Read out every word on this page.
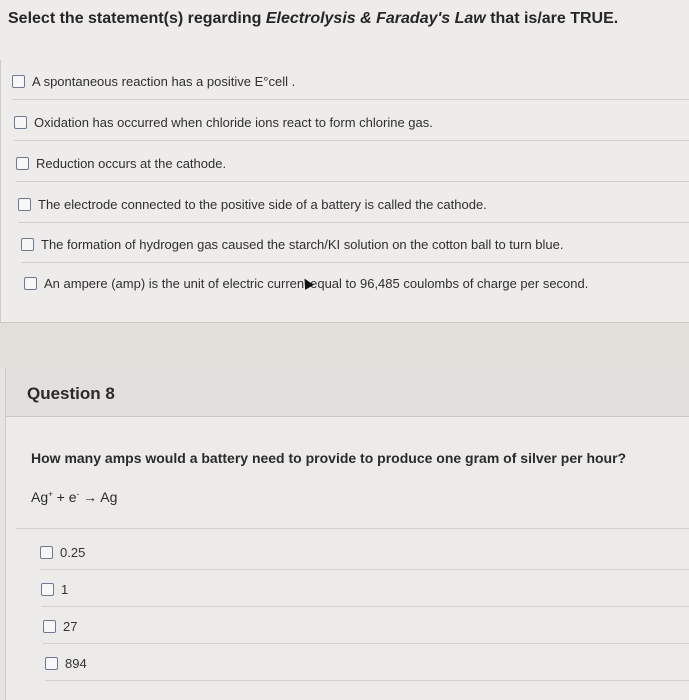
Select the statement(s) regarding Electrolysis & Faraday's Law that is/are TRUE.
A spontaneous reaction has a positive E°cell .
Oxidation has occurred when chloride ions react to form chlorine gas.
Reduction occurs at the cathode.
The electrode connected to the positive side of a battery is called the cathode.
The formation of hydrogen gas caused the starch/KI solution on the cotton ball to turn blue.
An ampere (amp) is the unit of electric curren equal to 96,485 coulombs of charge per second.
Question 8
How many amps would a battery need to provide to produce one gram of silver per hour?
Ag+ + e- → Ag
0.25
1
27
894
